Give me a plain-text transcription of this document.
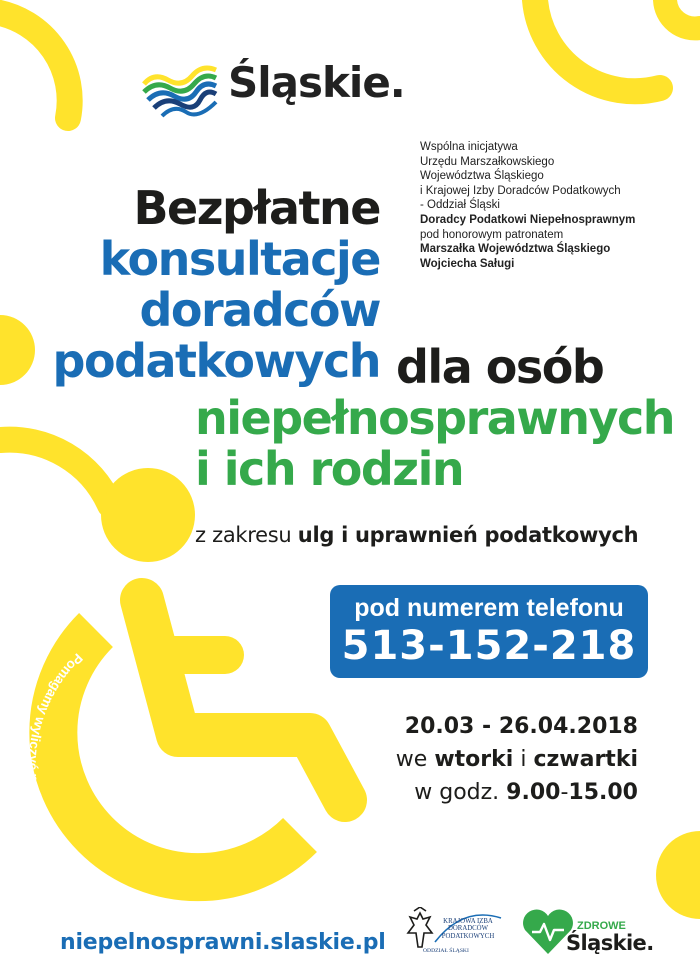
Pomagamy wyliczyć podatki i wypełnić PIT!
Śląskie.
Wspólna inicjatywa
Urzędu Marszałkowskiego
Województwa Śląskiego
i Krajowej Izby Doradców Podatkowych
- Oddział Śląski
Doradcy Podatkowi Niepełnosprawnym
pod honorowym patronatem
Marszałka Województwa Śląskiego
Wojciecha Saługi
Bezpłatne
konsultacje
doradców
podatkowych dla osób
niepełnosprawnych
i ich rodzin
z zakresu ulg i uprawnień podatkowych
pod numerem telefonu
513-152-218
20.03 - 26.04.2018
we wtorki i czwartki
w godz. 9.00-15.00
niepelnosprawni.slaskie.pl
KRAJOWA IZBA
DORADCÓW
PODATKOWYCH
ODDZIAŁ ŚLĄSKI
ZDROWE
Śląskie.
